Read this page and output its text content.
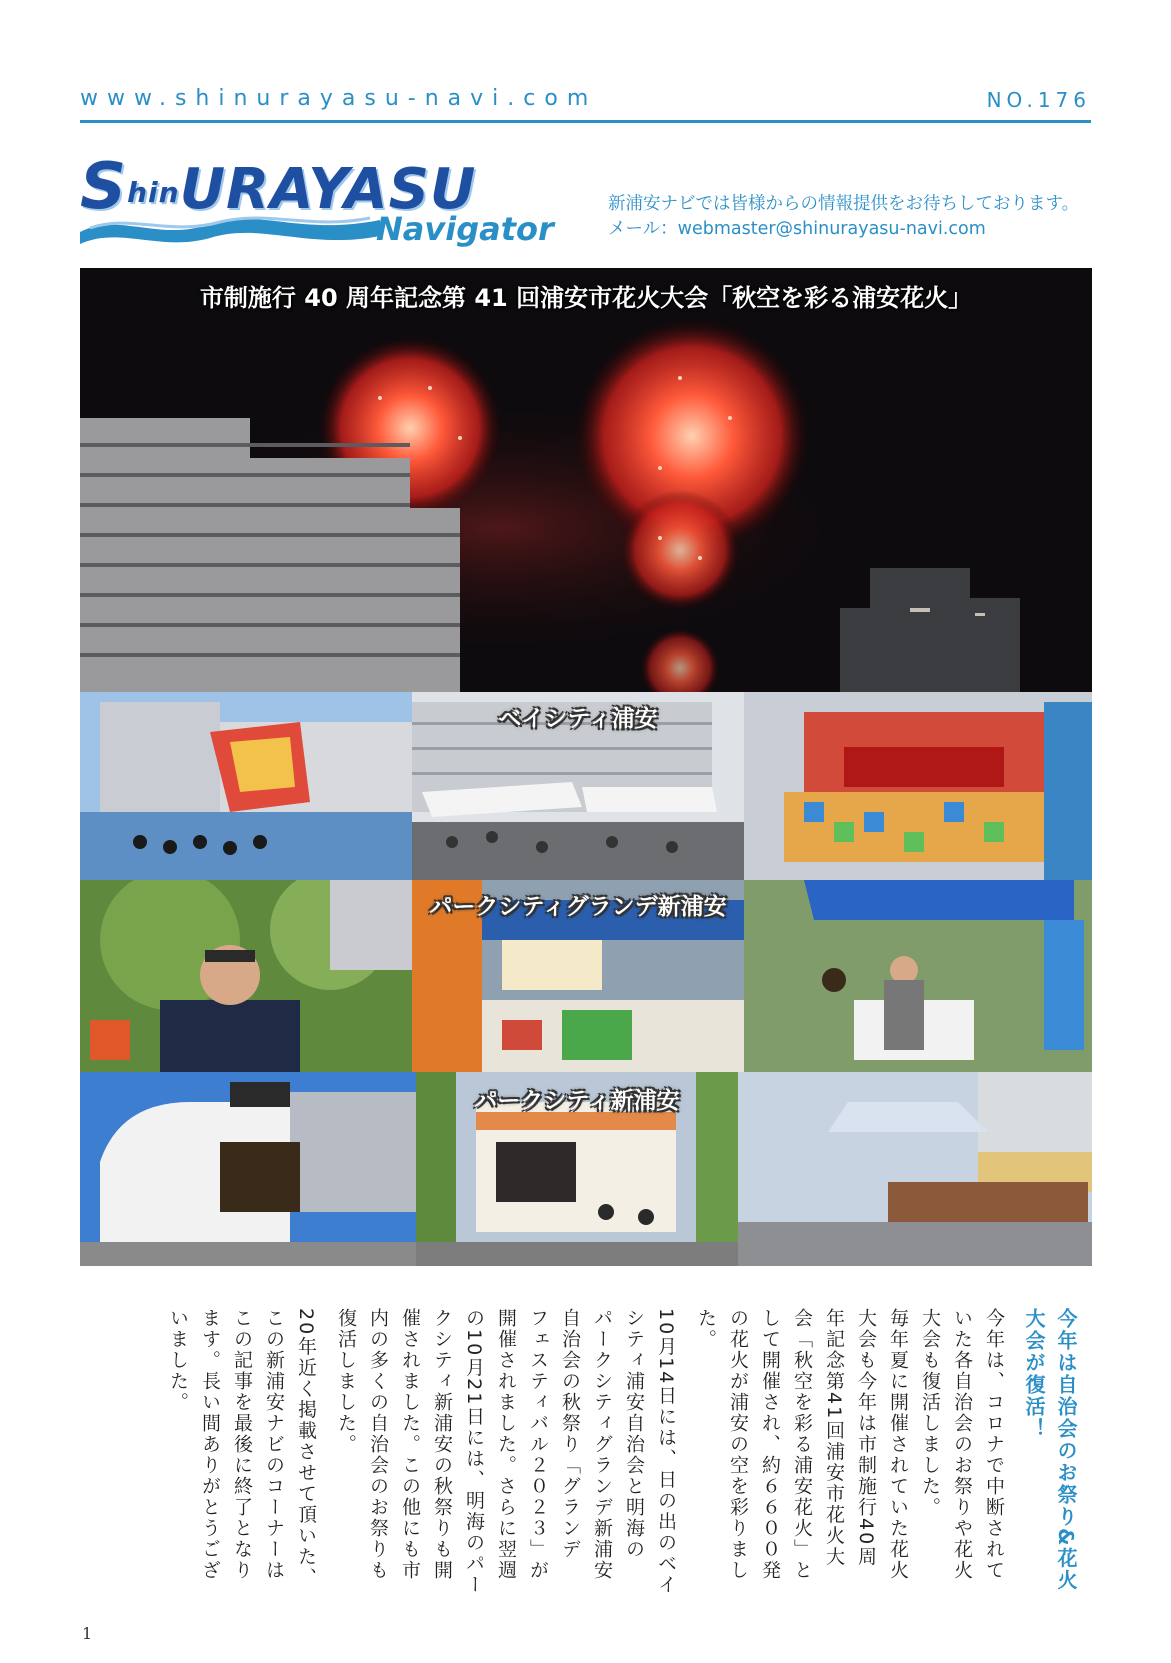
www.shinurayasu-navi.com	NO.176
ShinURAYASU
Navigator
新浦安ナビでは皆様からの情報提供をお待ちしております。
メール：webmaster@shinurayasu-navi.com
市制施行 40 周年記念第 41 回浦安市花火大会「秋空を彩る浦安花火」
ベイシティ浦安
パークシティグランデ新浦安
パークシティ新浦安
今年は自治会のお祭り&花火
大会が復活！
今年は、コロナで中断されて
いた各自治会のお祭りや花火
大会も復活しました。
毎年夏に開催されていた花火
大会も今年は市制施行40周
年記念第41回浦安市花火大
会「秋空を彩る浦安花火」と
して開催され、約６６００発
の花火が浦安の空を彩りまし
た。
10月14日には、日の出のベイ
シティ浦安自治会と明海の
パークシティグランデ新浦安
自治会の秋祭り「グランデ
フェスティバル２０２３」が
開催されました。さらに翌週
の10月21日には、明海のパー
クシティ新浦安の秋祭りも開
催されました。この他にも市
内の多くの自治会のお祭りも
復活しました。
20年近く掲載させて頂いた、
この新浦安ナビのコーナーは
この記事を最後に終了となり
ます。長い間ありがとうござ
いました。
1
